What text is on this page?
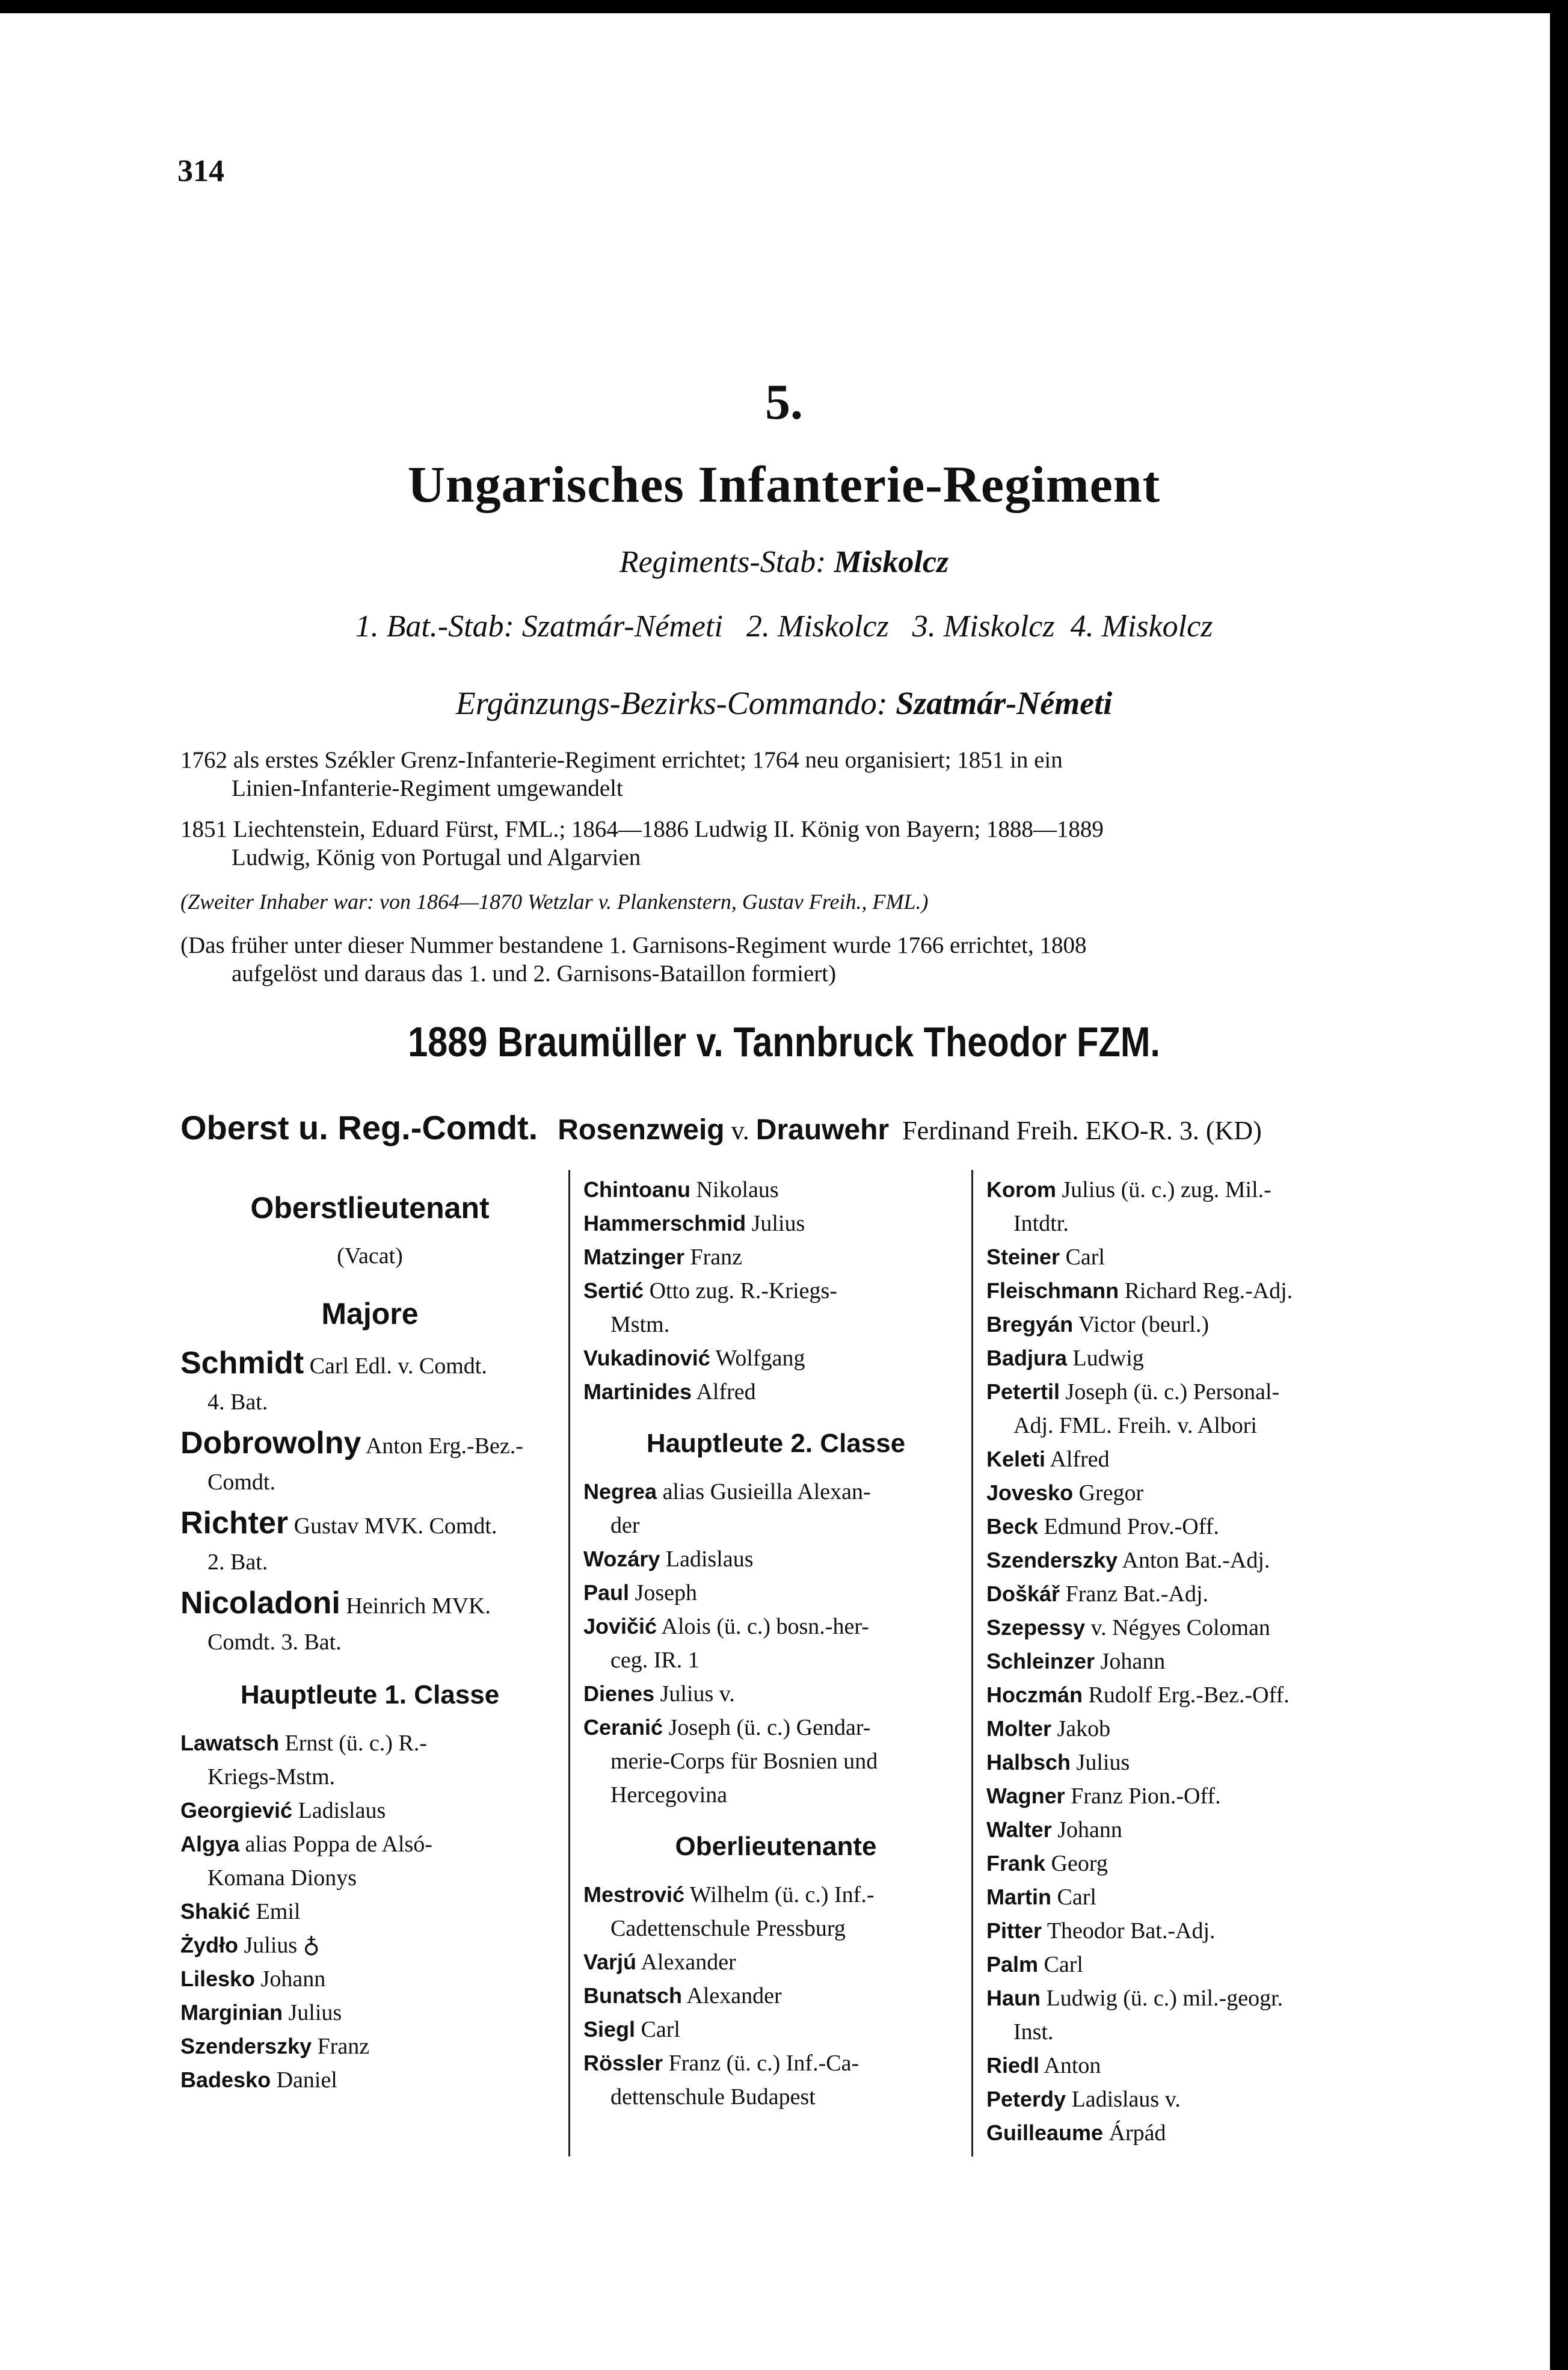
314
5.
Ungarisches Infanterie-Regiment
Regiments-Stab: Miskolcz
1. Bat.-Stab: Szatmár-Németi 2. Miskolcz 3. Miskolcz 4. Miskolcz
Ergänzungs-Bezirks-Commando: Szatmár-Németi
1762 als erstes Székler Grenz-Infanterie-Regiment errichtet; 1764 neu organisiert; 1851 in ein
Linien-Infanterie-Regiment umgewandelt
1851 Liechtenstein, Eduard Fürst, FML.; 1864—1886 Ludwig II. König von Bayern; 1888—1889
Ludwig, König von Portugal und Algarvien
(Zweiter Inhaber war: von 1864—1870 Wetzlar v. Plankenstern, Gustav Freih., FML.)
(Das früher unter dieser Nummer bestandene 1. Garnisons-Regiment wurde 1766 errichtet, 1808
aufgelöst und daraus das 1. und 2. Garnisons-Bataillon formiert)
1889 Braumüller v. Tannbruck Theodor FZM.
Oberst u. Reg.-Comdt. Rosenzweig v. Drauwehr Ferdinand Freih. EKO-R. 3. (KD)
Oberstlieutenant
(Vacat)
Majore
Schmidt Carl Edl. v. Comdt.
4. Bat.
Dobrowolny Anton Erg.-Bez.-
Comdt.
Richter Gustav MVK. Comdt.
2. Bat.
Nicoladoni Heinrich MVK.
Comdt. 3. Bat.
Hauptleute 1. Classe
Lawatsch Ernst (ü. c.) R.-
Kriegs-Mstm.
Georgiević Ladislaus
Algya alias Poppa de Alsó-
Komana Dionys
Shakić Emil
Żydło Julius ♁
Lilesko Johann
Marginian Julius
Szenderszky Franz
Badesko Daniel
Chintoanu Nikolaus
Hammerschmid Julius
Matzinger Franz
Sertić Otto zug. R.-Kriegs-
Mstm.
Vukadinović Wolfgang
Martinides Alfred
Hauptleute 2. Classe
Negrea alias Gusieilla Alexan-
der
Wozáry Ladislaus
Paul Joseph
Jovičić Alois (ü. c.) bosn.-her-
ceg. IR. 1
Dienes Julius v.
Ceranić Joseph (ü. c.) Gendar-
merie-Corps für Bosnien und Hercegovina
Oberlieutenante
Mestrović Wilhelm (ü. c.) Inf.-
Cadettenschule Pressburg
Varjú Alexander
Bunatsch Alexander
Siegl Carl
Rössler Franz (ü. c.) Inf.-Ca-
dettenschule Budapest
Korom Julius (ü. c.) zug. Mil.-
Intdtr.
Steiner Carl
Fleischmann Richard Reg.-Adj.
Bregyán Victor (beurl.)
Badjura Ludwig
Petertil Joseph (ü. c.) Personal-
Adj. FML. Freih. v. Albori
Keleti Alfred
Jovesko Gregor
Beck Edmund Prov.-Off.
Szenderszky Anton Bat.-Adj.
Doškář Franz Bat.-Adj.
Szepessy v. Négyes Coloman
Schleinzer Johann
Hoczmán Rudolf Erg.-Bez.-Off.
Molter Jakob
Halbsch Julius
Wagner Franz Pion.-Off.
Walter Johann
Frank Georg
Martin Carl
Pitter Theodor Bat.-Adj.
Palm Carl
Haun Ludwig (ü. c.) mil.-geogr.
Inst.
Riedl Anton
Peterdy Ladislaus v.
Guilleaume Árpád
